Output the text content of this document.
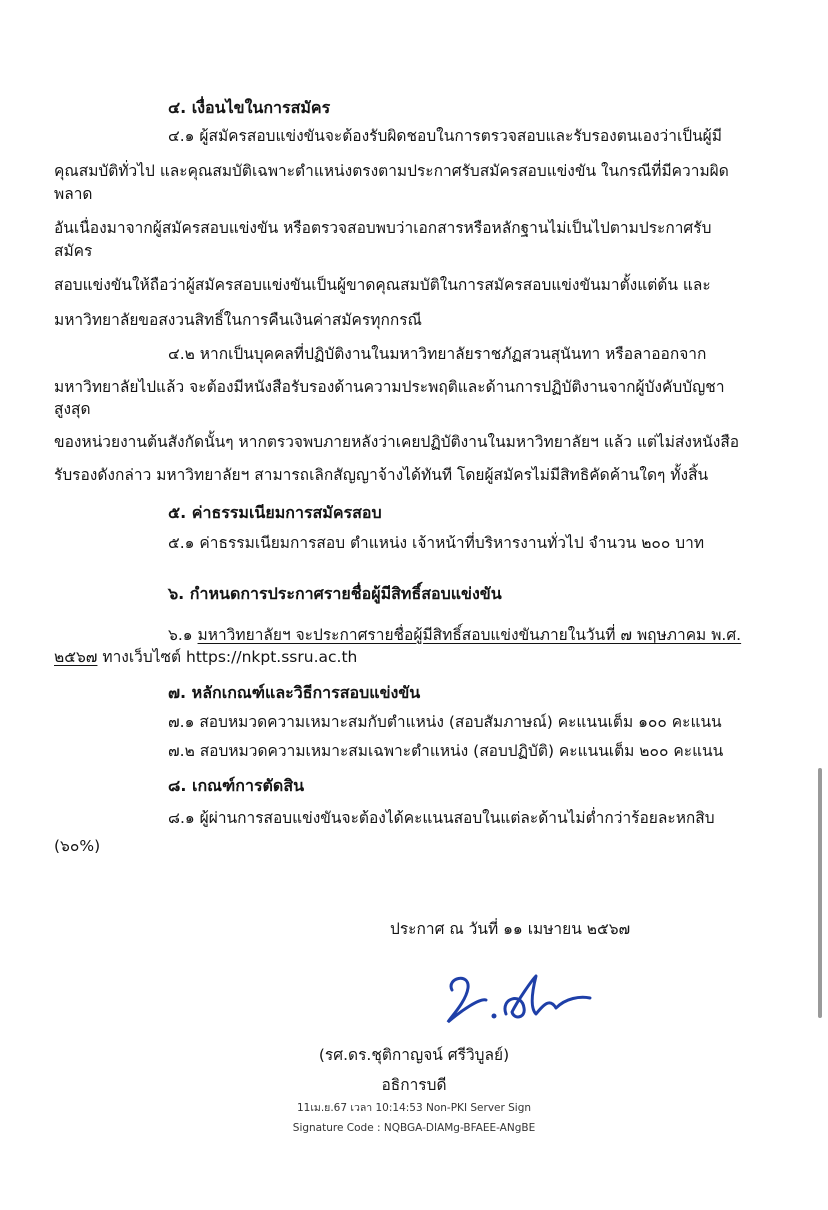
๔. เงื่อนไขในการสมัคร
๔.๑ ผู้สมัครสอบแข่งขันจะต้องรับผิดชอบในการตรวจสอบและรับรองตนเองว่าเป็นผู้มี
คุณสมบัติทั่วไป และคุณสมบัติเฉพาะตำแหน่งตรงตามประกาศรับสมัครสอบแข่งขัน ในกรณีที่มีความผิด
พลาด
อันเนื่องมาจากผู้สมัครสอบแข่งขัน หรือตรวจสอบพบว่าเอกสารหรือหลักฐานไม่เป็นไปตามประกาศรับ
สมัคร
สอบแข่งขันให้ถือว่าผู้สมัครสอบแข่งขันเป็นผู้ขาดคุณสมบัติในการสมัครสอบแข่งขันมาตั้งแต่ต้น และ
มหาวิทยาลัยขอสงวนสิทธิ์ในการคืนเงินค่าสมัครทุกกรณี
๔.๒ หากเป็นบุคคลที่ปฏิบัติงานในมหาวิทยาลัยราชภัฏสวนสุนันทา หรือลาออกจาก
มหาวิทยาลัยไปแล้ว จะต้องมีหนังสือรับรองด้านความประพฤติและด้านการปฏิบัติงานจากผู้บังคับบัญชา
สูงสุด
ของหน่วยงานต้นสังกัดนั้นๆ หากตรวจพบภายหลังว่าเคยปฏิบัติงานในมหาวิทยาลัยฯ แล้ว แต่ไม่ส่งหนังสือ
รับรองดังกล่าว มหาวิทยาลัยฯ สามารถเลิกสัญญาจ้างได้ทันที โดยผู้สมัครไม่มีสิทธิคัดค้านใดๆ ทั้งสิ้น
๕. ค่าธรรมเนียมการสมัครสอบ
๕.๑ ค่าธรรมเนียมการสอบ ตำแหน่ง เจ้าหน้าที่บริหารงานทั่วไป จำนวน ๒๐๐ บาท
๖. กำหนดการประกาศรายชื่อผู้มีสิทธิ์สอบแข่งขัน
๖.๑ มหาวิทยาลัยฯ จะประกาศรายชื่อผู้มีสิทธิ์สอบแข่งขันภายในวันที่ ๗ พฤษภาคม พ.ศ.
๒๕๖๗ ทางเว็บไซต์ https://nkpt.ssru.ac.th
๗. หลักเกณฑ์และวิธีการสอบแข่งขัน
๗.๑ สอบหมวดความเหมาะสมกับตำแหน่ง (สอบสัมภาษณ์) คะแนนเต็ม ๑๐๐ คะแนน
๗.๒ สอบหมวดความเหมาะสมเฉพาะตำแหน่ง (สอบปฏิบัติ) คะแนนเต็ม ๒๐๐ คะแนน
๘. เกณฑ์การตัดสิน
๘.๑ ผู้ผ่านการสอบแข่งขันจะต้องได้คะแนนสอบในแต่ละด้านไม่ต่ำกว่าร้อยละหกสิบ
(๖๐%)
ประกาศ ณ วันที่ ๑๑ เมษายน ๒๕๖๗
(รศ.ดร.ชุติกาญจน์ ศรีวิบูลย์)
อธิการบดี
11เม.ย.67 เวลา 10:14:53 Non-PKI Server Sign
Signature Code : NQBGA-DIAMg-BFAEE-ANgBE
